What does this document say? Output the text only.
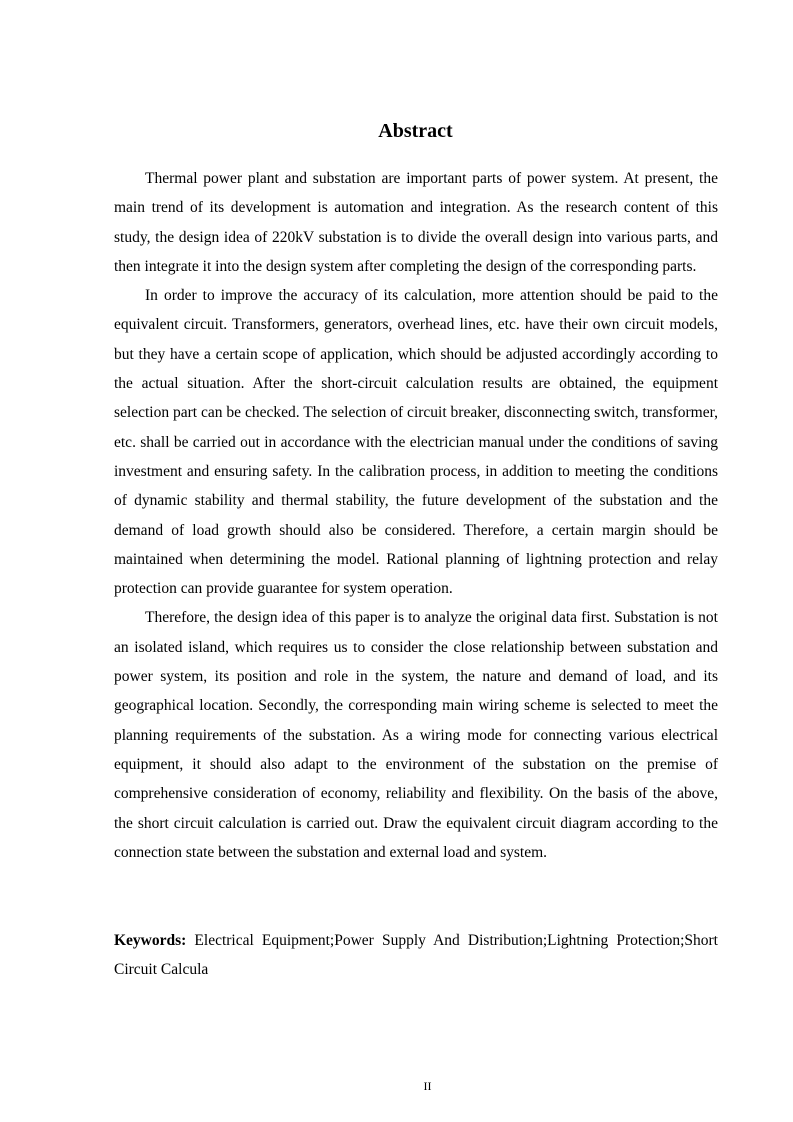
Abstract

Thermal power plant and substation are important parts of power system. At present, the main trend of its development is automation and integration. As the research content of this study, the design idea of 220kV substation is to divide the overall design into various parts, and then integrate it into the design system after completing the design of the corresponding parts.

In order to improve the accuracy of its calculation, more attention should be paid to the equivalent circuit. Transformers, generators, overhead lines, etc. have their own circuit models, but they have a certain scope of application, which should be adjusted accordingly according to the actual situation. After the short-circuit calculation results are obtained, the equipment selection part can be checked. The selection of circuit breaker, disconnecting switch, transformer, etc. shall be carried out in accordance with the electrician manual under the conditions of saving investment and ensuring safety. In the calibration process, in addition to meeting the conditions of dynamic stability and thermal stability, the future development of the substation and the demand of load growth should also be considered. Therefore, a certain margin should be maintained when determining the model. Rational planning of lightning protection and relay protection can provide guarantee for system operation.

Therefore, the design idea of this paper is to analyze the original data first. Substation is not an isolated island, which requires us to consider the close relationship between substation and power system, its position and role in the system, the nature and demand of load, and its geographical location. Secondly, the corresponding main wiring scheme is selected to meet the planning requirements of the substation. As a wiring mode for connecting various electrical equipment, it should also adapt to the environment of the substation on the premise of comprehensive consideration of economy, reliability and flexibility. On the basis of the above, the short circuit calculation is carried out. Draw the equivalent circuit diagram according to the connection state between the substation and external load and system.

Keywords: Electrical Equipment;Power Supply And Distribution;Lightning Protection;Short Circuit Calcula
II
